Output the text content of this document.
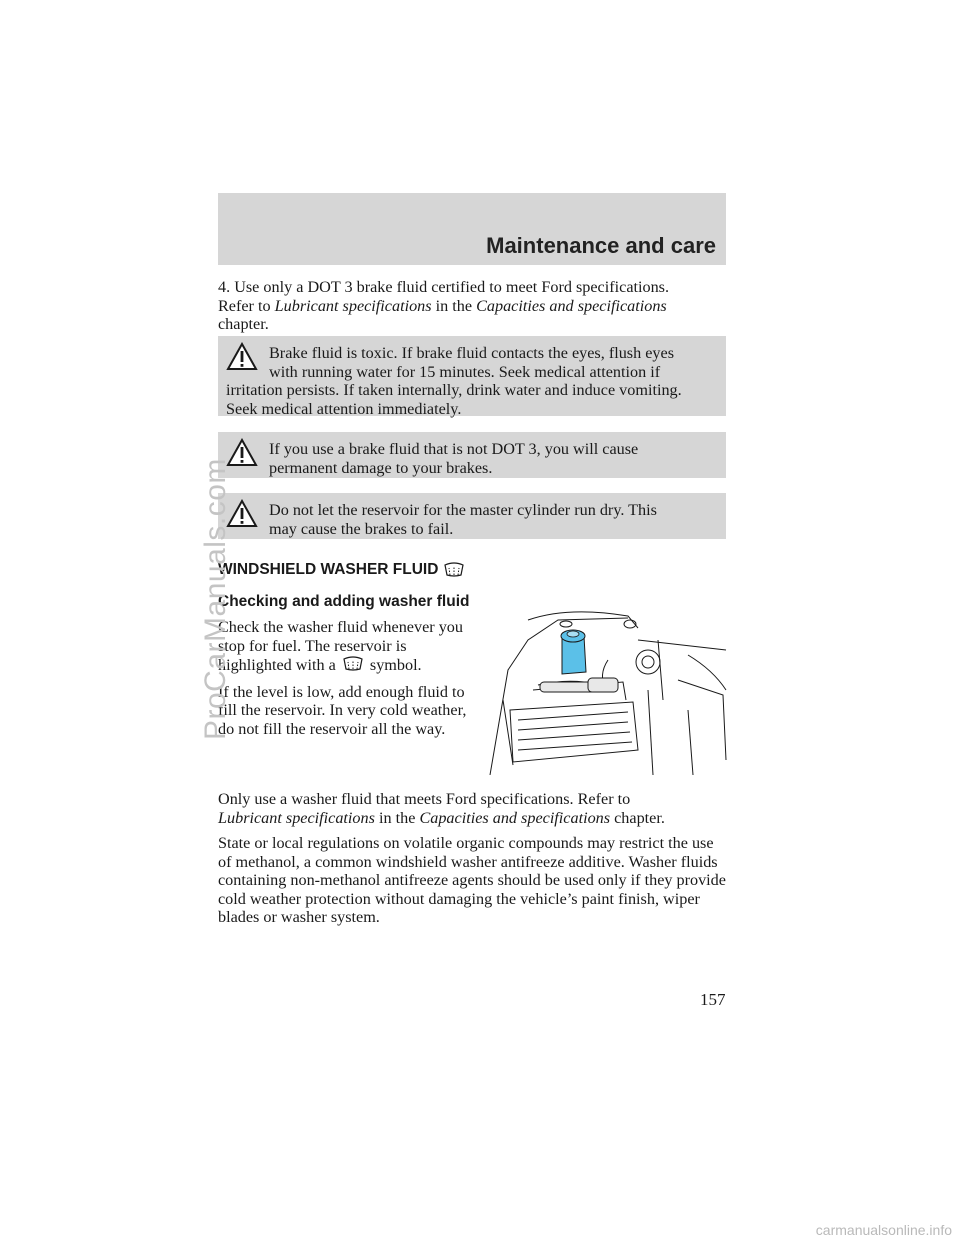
Maintenance and care

4. Use only a DOT 3 brake fluid certified to meet Ford specifications.

Refer to Lubricant specifications in the Capacities and specifications

chapter.

Brake fluid is toxic. If brake fluid contacts the eyes, flush eyes
with running water for 15 minutes. Seek medical attention if
irritation persists. If taken internally, drink water and induce vomiting. Seek medical attention immediately.
If you use a brake fluid that is not DOT 3, you will cause
permanent damage to your brakes.
Do not let the reservoir for the master cylinder run dry. This
may cause the brakes to fail.
WINDSHIELD WASHER FLUID
Checking and adding washer fluid

Check the washer fluid whenever you stop for fuel. The reservoir is highlighted with a symbol.

If the level is low, add enough fluid to fill the reservoir. In very cold weather, do not fill the reservoir all the way.

Only use a washer fluid that meets Ford specifications. Refer to
Lubricant specifications in the Capacities and specifications chapter.

State or local regulations on volatile organic compounds may restrict the use of methanol, a common windshield washer antifreeze additive. Washer fluids containing non-methanol antifreeze agents should be used only if they provide cold weather protection without damaging the vehicle’s paint finish, wiper blades or washer system.
157
ProCarManuals.com
carmanualsonline.info
